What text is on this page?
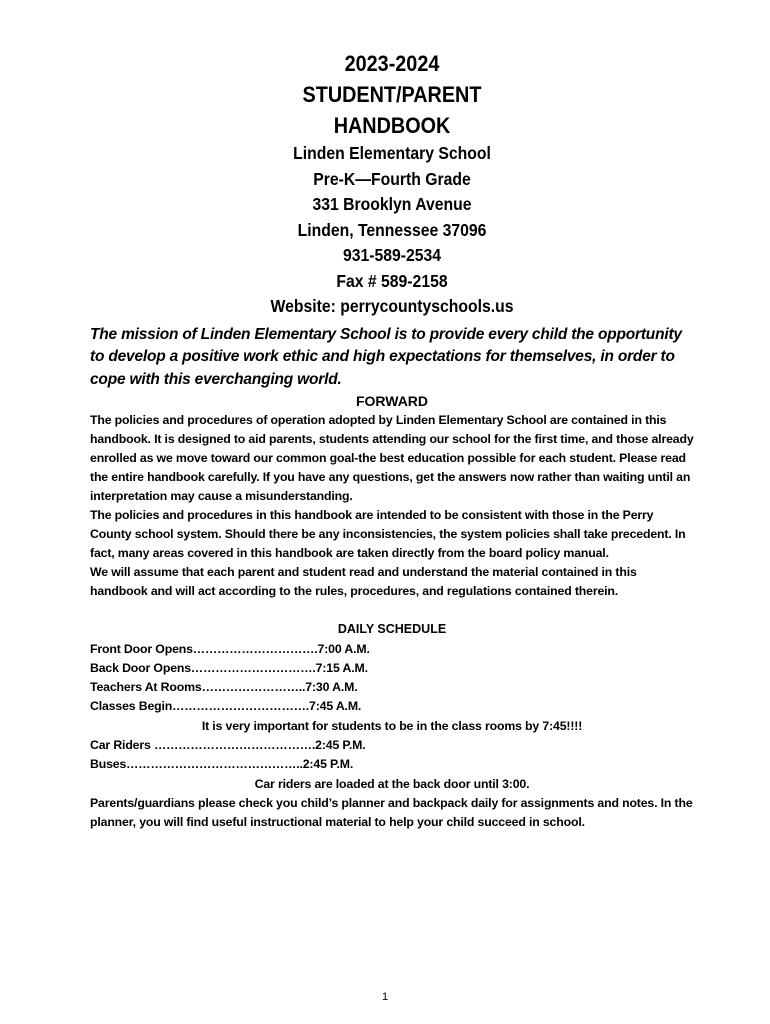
2023-2024
STUDENT/PARENT
HANDBOOK
Linden Elementary School
Pre-K—Fourth Grade
331 Brooklyn Avenue
Linden, Tennessee 37096
931-589-2534
Fax # 589-2158
Website: perrycountyschools.us
The mission of Linden Elementary School is to provide every child the opportunity to develop a positive work ethic and high expectations for themselves, in order to cope with this everchanging world.
FORWARD

The policies and procedures of operation adopted by Linden Elementary School are contained in this handbook. It is designed to aid parents, students attending our school for the first time, and those already enrolled as we move toward our common goal-the best education possible for each student. Please read the entire handbook carefully. If you have any questions, get the answers now rather than waiting until an interpretation may cause a misunderstanding.

The policies and procedures in this handbook are intended to be consistent with those in the Perry County school system. Should there be any inconsistencies, the system policies shall take precedent. In fact, many areas covered in this handbook are taken directly from the board policy manual.

We will assume that each parent and student read and understand the material contained in this handbook and will act according to the rules, procedures, and regulations contained therein.

DAILY SCHEDULE
Front Door Opens………………………….7:00 A.M.
Back Door Opens………………………….7:15 A.M.
Teachers At Rooms……………………..7:30 A.M.
Classes Begin…………………………….7:45 A.M.
It is very important for students to be in the class rooms by 7:45!!!!
Car Riders ………………………………….2:45 P.M.
Buses……………………………………..2:45 P.M.
Car riders are loaded at the back door until 3:00.

Parents/guardians please check you child’s planner and backpack daily for assignments and notes. In the planner, you will find useful instructional material to help your child succeed in school.

1
